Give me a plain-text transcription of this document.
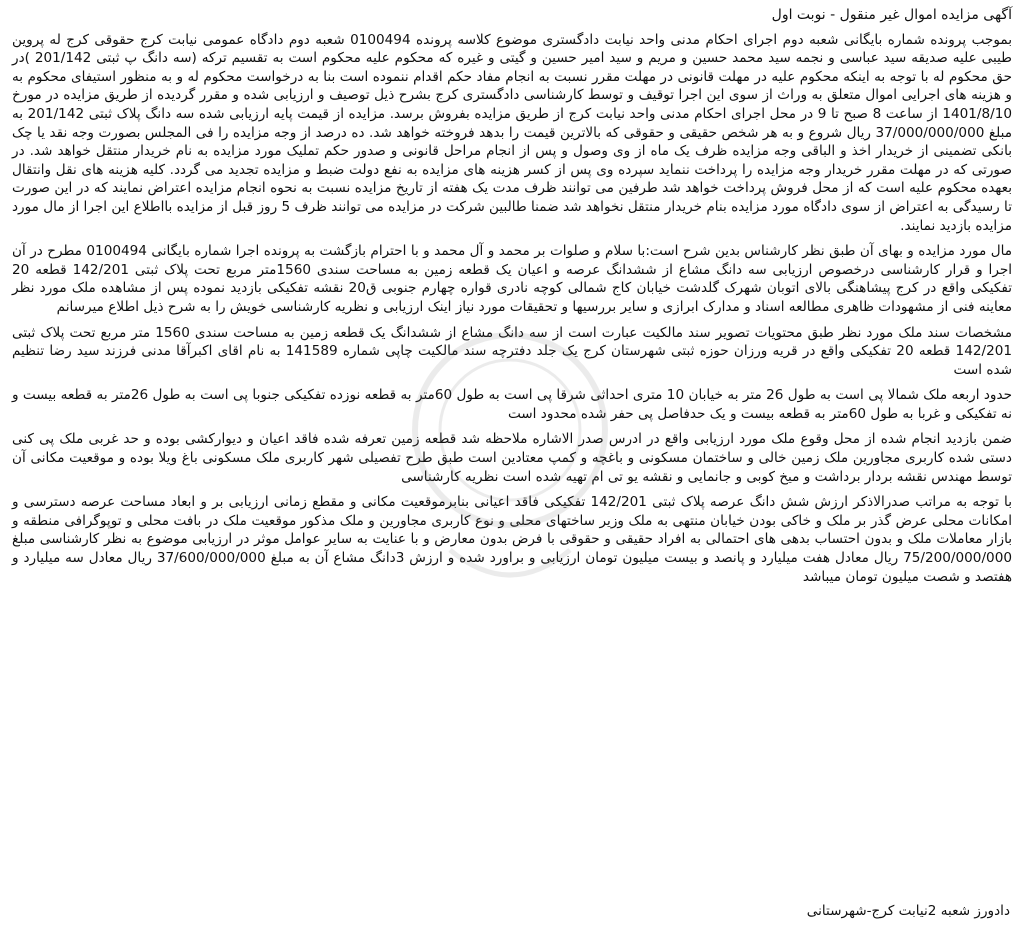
آگهی مزایده اموال غیر منقول - نوبت اول

بموجب پرونده شماره بایگانی شعبه دوم اجرای احکام مدنی واحد نیابت دادگستری موضوع کلاسه پرونده 0100494 شعبه دوم دادگاه عمومی نیابت کرج حقوقی کرج له پروین طیبی علیه صدیقه سید عباسی و نجمه سید محمد حسین و مریم و سید امیر حسین و گیتی و غیره که محکوم علیه محکوم است به تقسیم ترکه (سه دانگ پ ثبتی 201/142 )در حق محکوم له با توجه به اینکه محکوم علیه در مهلت قانونی در مهلت مقرر نسبت به انجام مفاد حکم اقدام ننموده است بنا به درخواست محکوم له و به منظور استیفای محکوم به و هزینه های اجرایی اموال متعلق به وراث از سوی این اجرا توقیف و توسط کارشناسی دادگستری کرج بشرح ذیل توصیف و ارزیابی شده و مقرر گردیده از طریق مزایده در مورخ 1401/8/10 از ساعت 8 صبح تا 9 در محل اجرای احکام مدنی واحد نیابت کرج از طریق مزایده بفروش برسد. مزایده از قیمت پایه ارزیابی شده سه دانگ پلاک ثبتی 201/142 به مبلغ 37/000/000/000 ریال شروع و به هر شخص حقیقی و حقوقی که بالاترین قیمت را بدهد فروخته خواهد شد. ده درصد از وجه مزایده را فی المجلس بصورت وجه نقد یا چک بانکی تضمینی از خریدار اخذ و الباقی وجه مزایده ظرف یک ماه از وی وصول و پس از انجام مراحل قانونی و صدور حکم تملیک مورد مزایده به نام خریدار منتقل خواهد شد. در صورتی که در مهلت مقرر خریدار وجه مزایده را پرداخت ننماید سپرده وی پس از کسر هزینه های مزایده به نفع دولت ضبط و مزایده تجدید می گردد. کلیه هزینه های نقل وانتقال بعهده محکوم علیه است که از محل فروش پرداخت خواهد شد طرفین می توانند ظرف مدت یک هفته از تاریخ مزایده نسبت به نحوه انجام مزایده اعتراض نمایند که در این صورت تا رسیدگی به اعتراض از سوی دادگاه مورد مزایده بنام خریدار منتقل نخواهد شد ضمنا طالبین شرکت در مزایده می توانند ظرف 5 روز قبل از مزایده بااطلاع این اجرا از مال مورد مزایده بازدید نمایند.

مال مورد مزایده و بهای آن طبق نظر کارشناس بدین شرح است:با سلام و صلوات بر محمد و آل محمد و با احترام بازگشت به پرونده اجرا شماره بایگانی 0100494 مطرح در آن اجرا و قرار کارشناسی درخصوص ارزیابی سه دانگ مشاع از ششدانگ عرصه و اعیان یک قطعه زمین به مساحت سندی 1560متر مربع تحت پلاک ثبتی 142/201 قطعه 20 تفکیکی واقع در کرج پیشاهنگی بالای اتوبان شهرک گلدشت خیابان کاج شمالی کوچه نادری قواره چهارم جنوبی ق20 نقشه تفکیکی بازدید نموده پس از مشاهده ملک مورد نظر معاینه فنی از مشهودات ظاهری مطالعه اسناد و مدارک ابرازی و سایر بررسیها و تحقیقات مورد نیاز اینک ارزیابی و نظریه کارشناسی خویش را به شرح ذیل اطلاع میرسانم

مشخصات سند ملک مورد نظر طبق محتویات تصویر سند مالکیت عبارت است از سه دانگ مشاع از ششدانگ یک قطعه زمین به مساحت سندی 1560 متر مربع تحت پلاک ثبتی 142/201 قطعه 20 تفکیکی واقع در قریه ورزان حوزه ثبتی شهرستان کرج یک جلد دفترچه سند مالکیت چاپی شماره 141589 به نام اقای اکبرآقا مدنی فرزند سید رضا تنظیم شده است

حدود اربعه ملک شمالا پی است به طول 26 متر به خیابان 10 متری احداثی شرقا پی است به طول 60متر به قطعه نوزده تفکیکی جنوبا پی است به طول 26متر به قطعه بیست و نه تفکیکی و غربا به طول 60متر به قطعه بیست و یک حدفاصل پی حفر شده محدود است

ضمن بازدید انجام شده از محل وقوع ملک مورد ارزیابی واقع در ادرس صدر الاشاره ملاحظه شد قطعه زمین تعرفه شده فاقد اعیان و دیوارکشی بوده و حد غربی ملک پی کنی دستی شده کاربری مجاورین ملک زمین خالی و ساختمان مسکونی و باغچه و کمپ معتادین است طبق طرح تفصیلی شهر کاربری ملک مسکونی باغ ویلا بوده و موقعیت مکانی آن توسط مهندس نقشه بردار برداشت و میخ کوبی و جانمایی و نقشه یو تی ام تهیه شده است نظریه کارشناسی

با توجه به مراتب صدرالاذکر ارزش شش دانگ عرصه پلاک ثبتی 142/201 تفکیکی فاقد اعیانی بنابرموقعیت مکانی و مقطع زمانی ارزیابی بر و ابعاد مساحت عرصه دسترسی و امکانات محلی عرض گذر بر ملک و خاکی بودن خیابان منتهی به ملک وزیر ساختهای محلی و نوع کاربری مجاورین و ملک مذکور موقعیت ملک در بافت محلی و توپوگرافی منطقه و بازار معاملات ملک و بدون احتساب بدهی های احتمالی به افراد حقیقی و حقوقی با فرض بدون معارض و با عنایت به سایر عوامل موثر در ارزیابی موضوع به نظر کارشناسی مبلغ 75/200/000/000 ریال معادل هفت میلیارد و پانصد و بیست میلیون تومان ارزیابی و براورد شده و ارزش 3دانگ مشاع آن به مبلغ 37/600/000/000 ریال معادل سه میلیارد و هفتصد و شصت میلیون تومان میباشد

دادورز شعبه 2نیابت کرج-شهرستانی
